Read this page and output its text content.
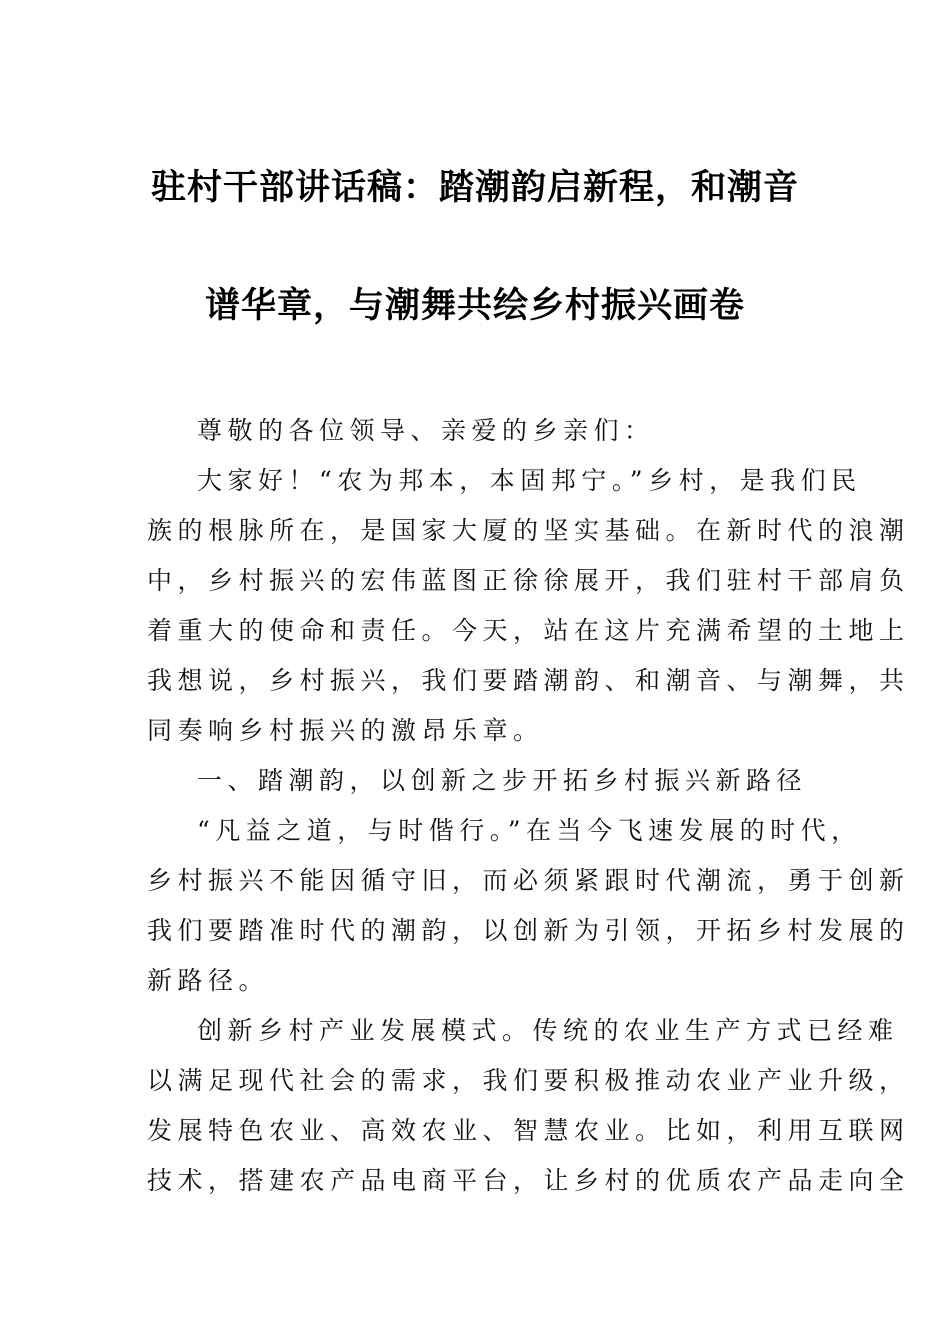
驻村干部讲话稿：踏潮韵启新程，和潮音
谱华章，与潮舞共绘乡村振兴画卷
尊敬的各位领导、亲爱的乡亲们：
大家好！“农为邦本，本固邦宁。”乡村，是我们民
族的根脉所在，是国家大厦的坚实基础。在新时代的浪潮
中，乡村振兴的宏伟蓝图正徐徐展开，我们驻村干部肩负
着重大的使命和责任。今天，站在这片充满希望的土地上
我想说，乡村振兴，我们要踏潮韵、和潮音、与潮舞，共
同奏响乡村振兴的激昂乐章。
一、踏潮韵，以创新之步开拓乡村振兴新路径
“凡益之道，与时偕行。”在当今飞速发展的时代，
乡村振兴不能因循守旧，而必须紧跟时代潮流，勇于创新
我们要踏准时代的潮韵，以创新为引领，开拓乡村发展的
新路径。
创新乡村产业发展模式。传统的农业生产方式已经难
以满足现代社会的需求，我们要积极推动农业产业升级，
发展特色农业、高效农业、智慧农业。比如，利用互联网
技术，搭建农产品电商平台，让乡村的优质农产品走向全
